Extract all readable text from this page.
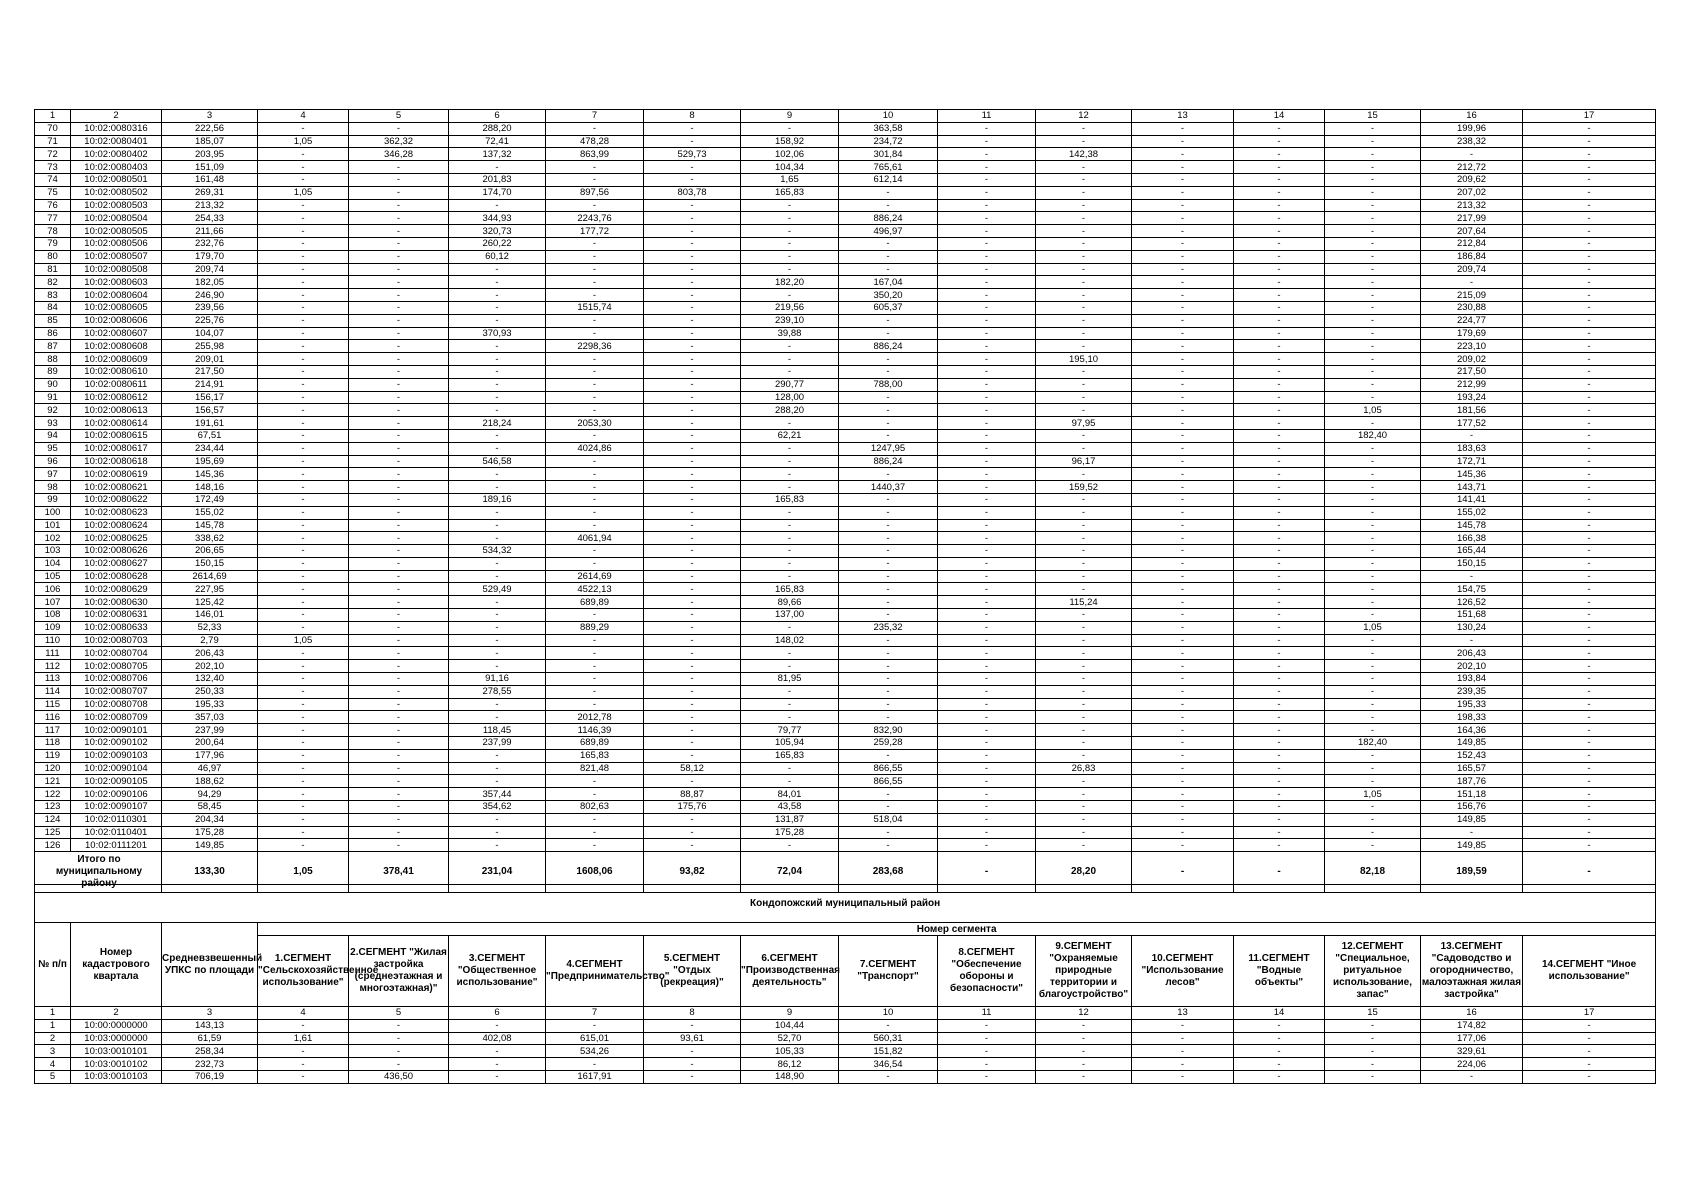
1	2	3	4	5	6	7	8	9	10	11	12	13	14	15	16	17
70	10:02:0080316	222,56	-	-	288,20	-	-	-	363,58	-	-	-	-	-	199,96	-
71	10:02:0080401	185,07	1,05	362,32	72,41	478,28	-	158,92	234,72	-	-	-	-	-	238,32	-
72	10:02:0080402	203,95	-	346,28	137,32	863,99	529,73	102,06	301,84	-	142,38	-	-	-	-	-
73	10:02:0080403	151,09	-	-	-	-	-	104,34	765,61	-	-	-	-	-	212,72	-
74	10:02:0080501	161,48	-	-	201,83	-	-	1,65	612,14	-	-	-	-	-	209,62	-
75	10:02:0080502	269,31	1,05	-	174,70	897,56	803,78	165,83	-	-	-	-	-	-	207,02	-
76	10:02:0080503	213,32	-	-	-	-	-	-	-	-	-	-	-	-	213,32	-
77	10:02:0080504	254,33	-	-	344,93	2243,76	-	-	886,24	-	-	-	-	-	217,99	-
78	10:02:0080505	211,66	-	-	320,73	177,72	-	-	496,97	-	-	-	-	-	207,64	-
79	10:02:0080506	232,76	-	-	260,22	-	-	-	-	-	-	-	-	-	212,84	-
80	10:02:0080507	179,70	-	-	60,12	-	-	-	-	-	-	-	-	-	186,84	-
81	10:02:0080508	209,74	-	-	-	-	-	-	-	-	-	-	-	-	209,74	-
82	10:02:0080603	182,05	-	-	-	-	-	182,20	167,04	-	-	-	-	-	-	-
83	10:02:0080604	246,90	-	-	-	-	-	-	350,20	-	-	-	-	-	215,09	-
84	10:02:0080605	239,56	-	-	-	1515,74	-	219,56	605,37	-	-	-	-	-	230,88	-
85	10:02:0080606	225,76	-	-	-	-	-	239,10	-	-	-	-	-	-	224,77	-
86	10:02:0080607	104,07	-	-	370,93	-	-	39,88	-	-	-	-	-	-	179,69	-
87	10:02:0080608	255,98	-	-	-	2298,36	-	-	886,24	-	-	-	-	-	223,10	-
88	10:02:0080609	209,01	-	-	-	-	-	-	-	-	195,10	-	-	-	209,02	-
89	10:02:0080610	217,50	-	-	-	-	-	-	-	-	-	-	-	-	217,50	-
90	10:02:0080611	214,91	-	-	-	-	-	290,77	788,00	-	-	-	-	-	212,99	-
91	10:02:0080612	156,17	-	-	-	-	-	128,00	-	-	-	-	-	-	193,24	-
92	10:02:0080613	156,57	-	-	-	-	-	288,20	-	-	-	-	-	1,05	181,56	-
93	10:02:0080614	191,61	-	-	218,24	2053,30	-	-	-	-	97,95	-	-	-	177,52	-
94	10:02:0080615	67,51	-	-	-	-	-	62,21	-	-	-	-	-	182,40	-	-
95	10:02:0080617	234,44	-	-	-	4024,86	-	-	1247,95	-	-	-	-	-	183,63	-
96	10:02:0080618	195,69	-	-	546,58	-	-	-	886,24	-	96,17	-	-	-	172,71	-
97	10:02:0080619	145,36	-	-	-	-	-	-	-	-	-	-	-	-	145,36	-
98	10:02:0080621	148,16	-	-	-	-	-	-	1440,37	-	159,52	-	-	-	143,71	-
99	10:02:0080622	172,49	-	-	189,16	-	-	165,83	-	-	-	-	-	-	141,41	-
100	10:02:0080623	155,02	-	-	-	-	-	-	-	-	-	-	-	-	155,02	-
101	10:02:0080624	145,78	-	-	-	-	-	-	-	-	-	-	-	-	145,78	-
102	10:02:0080625	338,62	-	-	-	4061,94	-	-	-	-	-	-	-	-	166,38	-
103	10:02:0080626	206,65	-	-	534,32	-	-	-	-	-	-	-	-	-	165,44	-
104	10:02:0080627	150,15	-	-	-	-	-	-	-	-	-	-	-	-	150,15	-
105	10:02:0080628	2614,69	-	-	-	2614,69	-	-	-	-	-	-	-	-	-	-
106	10:02:0080629	227,95	-	-	529,49	4522,13	-	165,83	-	-	-	-	-	-	154,75	-
107	10:02:0080630	125,42	-	-	-	689,89	-	89,66	-	-	115,24	-	-	-	126,52	-
108	10:02:0080631	146,01	-	-	-	-	-	137,00	-	-	-	-	-	-	151,68	-
109	10:02:0080633	52,33	-	-	-	889,29	-	-	235,32	-	-	-	-	1,05	130,24	-
110	10:02:0080703	2,79	1,05	-	-	-	-	148,02	-	-	-	-	-	-	-	-
111	10:02:0080704	206,43	-	-	-	-	-	-	-	-	-	-	-	-	206,43	-
112	10:02:0080705	202,10	-	-	-	-	-	-	-	-	-	-	-	-	202,10	-
113	10:02:0080706	132,40	-	-	91,16	-	-	81,95	-	-	-	-	-	-	193,84	-
114	10:02:0080707	250,33	-	-	278,55	-	-	-	-	-	-	-	-	-	239,35	-
115	10:02:0080708	195,33	-	-	-	-	-	-	-	-	-	-	-	-	195,33	-
116	10:02:0080709	357,03	-	-	-	2012,78	-	-	-	-	-	-	-	-	198,33	-
117	10:02:0090101	237,99	-	-	118,45	1146,39	-	79,77	832,90	-	-	-	-	-	164,36	-
118	10:02:0090102	200,64	-	-	237,99	689,89	-	105,94	259,28	-	-	-	-	182,40	149,85	-
119	10:02:0090103	177,96	-	-	-	165,83	-	165,83	-	-	-	-	-	-	152,43	-
120	10:02:0090104	46,97	-	-	-	821,48	58,12	-	866,55	-	26,83	-	-	-	165,57	-
121	10:02:0090105	188,62	-	-	-	-	-	-	866,55	-	-	-	-	-	187,76	-
122	10:02:0090106	94,29	-	-	357,44	-	88,87	84,01	-	-	-	-	-	1,05	151,18	-
123	10:02:0090107	58,45	-	-	354,62	802,63	175,76	43,58	-	-	-	-	-	-	156,76	-
124	10:02:0110301	204,34	-	-	-	-	-	131,87	518,04	-	-	-	-	-	149,85	-
125	10:02:0110401	175,28	-	-	-	-	-	175,28	-	-	-	-	-	-	-	-
126	10:02:0111201	149,85	-	-	-	-	-	-	-	-	-	-	-	-	149,85	-
Итого по муниципальному району		133,30	1,05	378,41	231,04	1608,06	93,82	72,04	283,68	-	28,20	-	-	82,18	189,59	-
Кондопожский муниципальный район																
№ п/п	Номер кадастрового квартала	Средневзвешенный УПКС по площади	Номер сегмента													
			1.СЕГМЕНТ "Сельскохозяйственное использование"	2.СЕГМЕНТ "Жилая застройка (среднеэтажная и многоэтажная)"	3.СЕГМЕНТ "Общественное использование"	4.СЕГМЕНТ "Предпринимательство"	5.СЕГМЕНТ "Отдых (рекреация)"	6.СЕГМЕНТ "Производственная деятельность"	7.СЕГМЕНТ "Транспорт"	8.СЕГМЕНТ "Обеспечение обороны и безопасности"	9.СЕГМЕНТ "Охраняемые природные территории и благоустройство"	10.СЕГМЕНТ "Использование лесов"	11.СЕГМЕНТ "Водные объекты"	12.СЕГМЕНТ "Специальное, ритуальное использование, запас"	13.СЕГМЕНТ "Садоводство и огородничество, малоэтажная жилая застройка"	14.СЕГМЕНТ "Иное использование"
1	2	3	4	5	6	7	8	9	10	11	12	13	14	15	16	17
1	10:00:0000000	143,13	-	-	-	-	-	104,44	-	-	-	-	-	-	174,82	-
2	10:03:0000000	61,59	1,61	-	402,08	615,01	93,61	52,70	560,31	-	-	-	-	-	177,06	-
3	10:03:0010101	258,34	-	-	-	534,26	-	105,33	151,82	-	-	-	-	-	329,61	-
4	10:03:0010102	232,73	-	-	-	-	-	86,12	346,54	-	-	-	-	-	224,06	-
5	10:03:0010103	706,19	-	436,50	-	1617,91	-	148,90	-	-	-	-	-	-	-	-
